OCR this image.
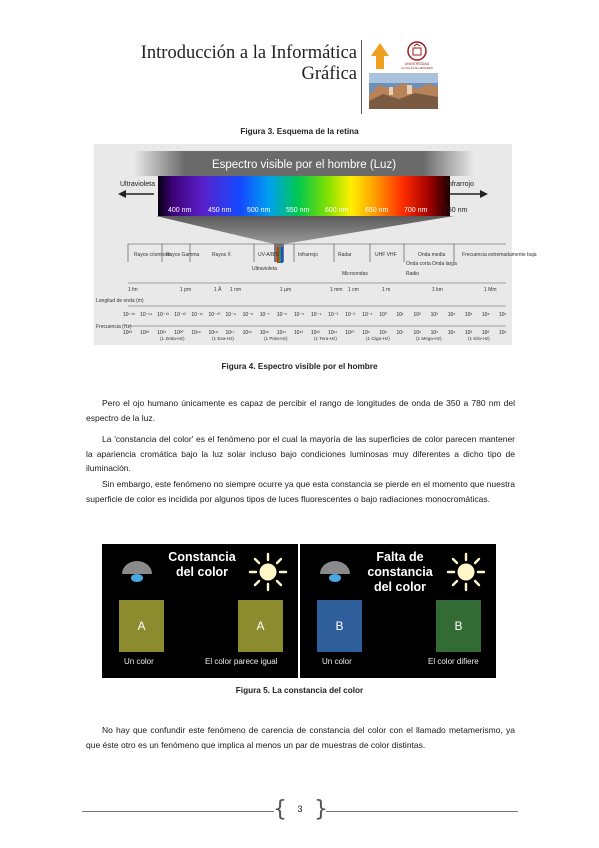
Introducción a la Informática
Gráfica	UNIVERSIDAD
ALCALÁ DE HENARES
Figura 3. Esquema de la retina
Espectro visible por el hombre (Luz)
Ultravioleta	Infrarrojo
400 nm 450 nm 500 nm 550 nm 600 nm 650 nm 700 nm 750 nm
Rayos cósmicos
Rayos Gamma	Rayos X	UV-A/B/C
Ultravioleta
Infrarrojo	Radar	UHF VHF	Onda media
Onda corta Onda larga
Frecuencia extremadamente baja
Microondas	Radio
1 fm	1 pm	1 Å 1 nm	1 µm	1 mm 1 cm	1 m	1 km	1 Mm
Longitud de onda (m)
10⁻¹⁵ 10⁻¹⁴ 10⁻¹³ 10⁻¹² 10⁻¹¹ 10⁻¹⁰ 10⁻⁹ 10⁻⁸ 10⁻⁷ 10⁻⁶ 10⁻⁵ 10⁻⁴ 10⁻³ 10⁻² 10⁻¹ 10⁰ 10¹ 10² 10³ 10⁴ 10⁵ 10⁶ 10⁷
Frecuencia (Hz)
10²³ 10²² 10²¹ 10²⁰ 10¹⁹ 10¹⁸ 10¹⁷ 10¹⁶ 10¹⁵ 10¹⁴ 10¹³ 10¹² 10¹¹ 10¹⁰ 10⁹ 10⁸ 10⁷ 10⁶ 10⁵ 10⁴ 10³ 10² 10¹
(1 Zetta-Hz)	(1 Exa-Hz)	(1 Peta-Hz)	(1 Tera-Hz)	(1 Giga-Hz)	(1 Mega-Hz)	(1 Kilo-Hz)
Figura 4. Espectro visible por el hombre

Pero el ojo humano únicamente es capaz de percibir el rango de longitudes de onda de 350 a 780 nm del espectro de la luz.

La 'constancia del color' es el fenómeno por el cual la mayoría de las superficies de color parecen mantener la apariencia cromática bajo la luz solar incluso bajo condiciones luminosas muy diferentes a dicho tipo de iluminación.

Sin embargo, este fenómeno no siempre ocurre ya que esta constancia se pierde en el momento que nuestra superficie de color es incidida por algunos tipos de luces fluorescentes o bajo radiaciones monocromáticas.

Constancia
del color
A	A
Un color	El color parece igual
Falta de
constancia
del color
B	B
Un color	El color difiere
Figura 5. La constancia del color

No hay que confundir este fenómeno de carencia de constancia del color con el llamado metamerismo, ya que éste otro es un fenómeno que implica al menos un par de muestras de color distintas.

{ }
3
